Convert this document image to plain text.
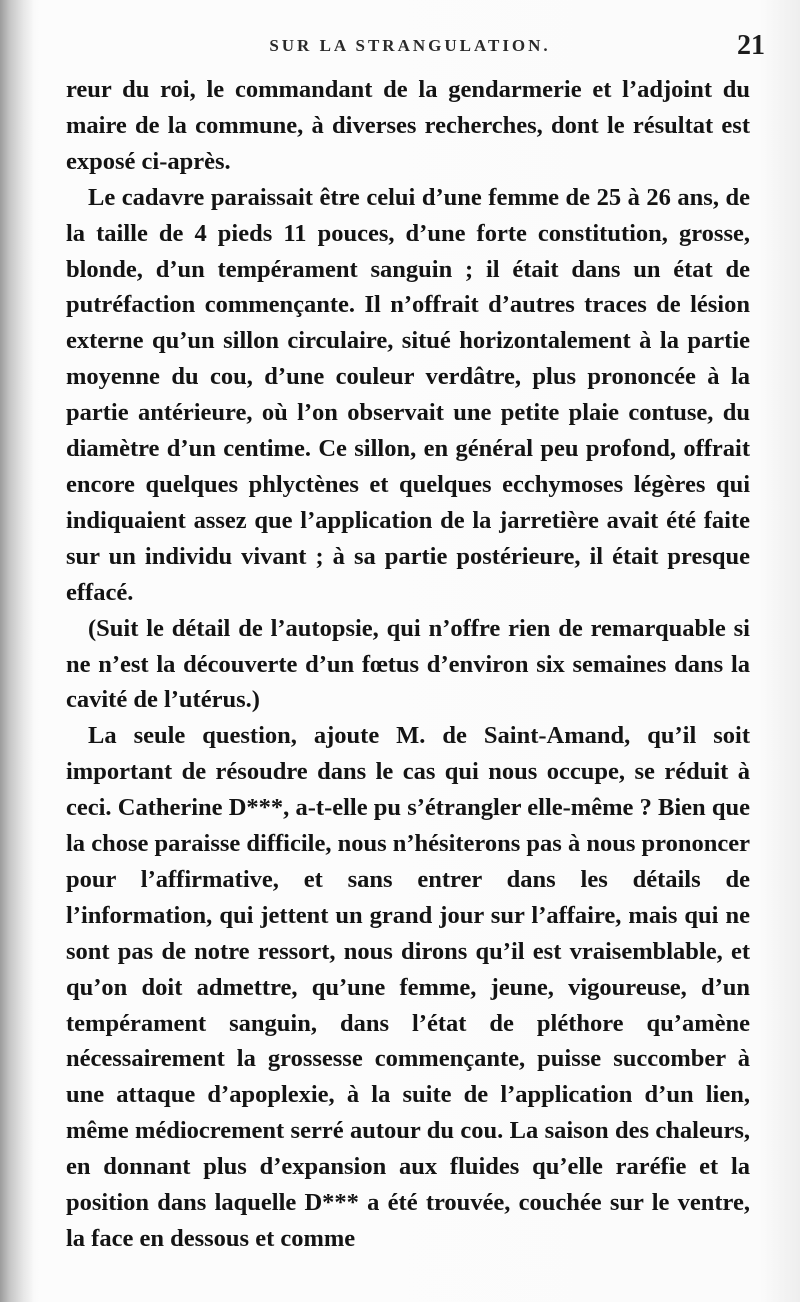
SUR LA STRANGULATION.	21

reur du roi, le commandant de la gendarmerie et l’adjoint du maire de la commune, à diverses recherches, dont le résultat est exposé ci-après.

Le cadavre paraissait être celui d’une femme de 25 à 26 ans, de la taille de 4 pieds 11 pouces, d’une forte constitution, grosse, blonde, d’un tempérament sanguin ; il était dans un état de putréfaction commençante. Il n’offrait d’autres traces de lésion externe qu’un sillon circulaire, situé horizontalement à la partie moyenne du cou, d’une couleur verdâtre, plus prononcée à la partie antérieure, où l’on observait une petite plaie contuse, du diamètre d’un centime. Ce sillon, en général peu profond, offrait encore quelques phlyctènes et quelques ecchymoses légères qui indiquaient assez que l’application de la jarretière avait été faite sur un individu vivant ; à sa partie postérieure, il était presque effacé.

(Suit le détail de l’autopsie, qui n’offre rien de remarquable si ne n’est la découverte d’un fœtus d’environ six semaines dans la cavité de l’utérus.)

La seule question, ajoute M. de Saint-Amand, qu’il soit important de résoudre dans le cas qui nous occupe, se réduit à ceci. Catherine D***, a-t-elle pu s’étrangler elle-même ? Bien que la chose paraisse difficile, nous n’hésiterons pas à nous prononcer pour l’affirmative, et sans entrer dans les détails de l’information, qui jettent un grand jour sur l’affaire, mais qui ne sont pas de notre ressort, nous dirons qu’il est vraisemblable, et qu’on doit admettre, qu’une femme, jeune, vigoureuse, d’un tempérament sanguin, dans l’état de pléthore qu’amène nécessairement la grossesse commençante, puisse succomber à une attaque d’apoplexie, à la suite de l’application d’un lien, même médiocrement serré autour du cou. La saison des chaleurs, en donnant plus d’expansion aux fluides qu’elle raréfie et la position dans laquelle D*** a été trouvée, couchée sur le ventre, la face en dessous et comme
